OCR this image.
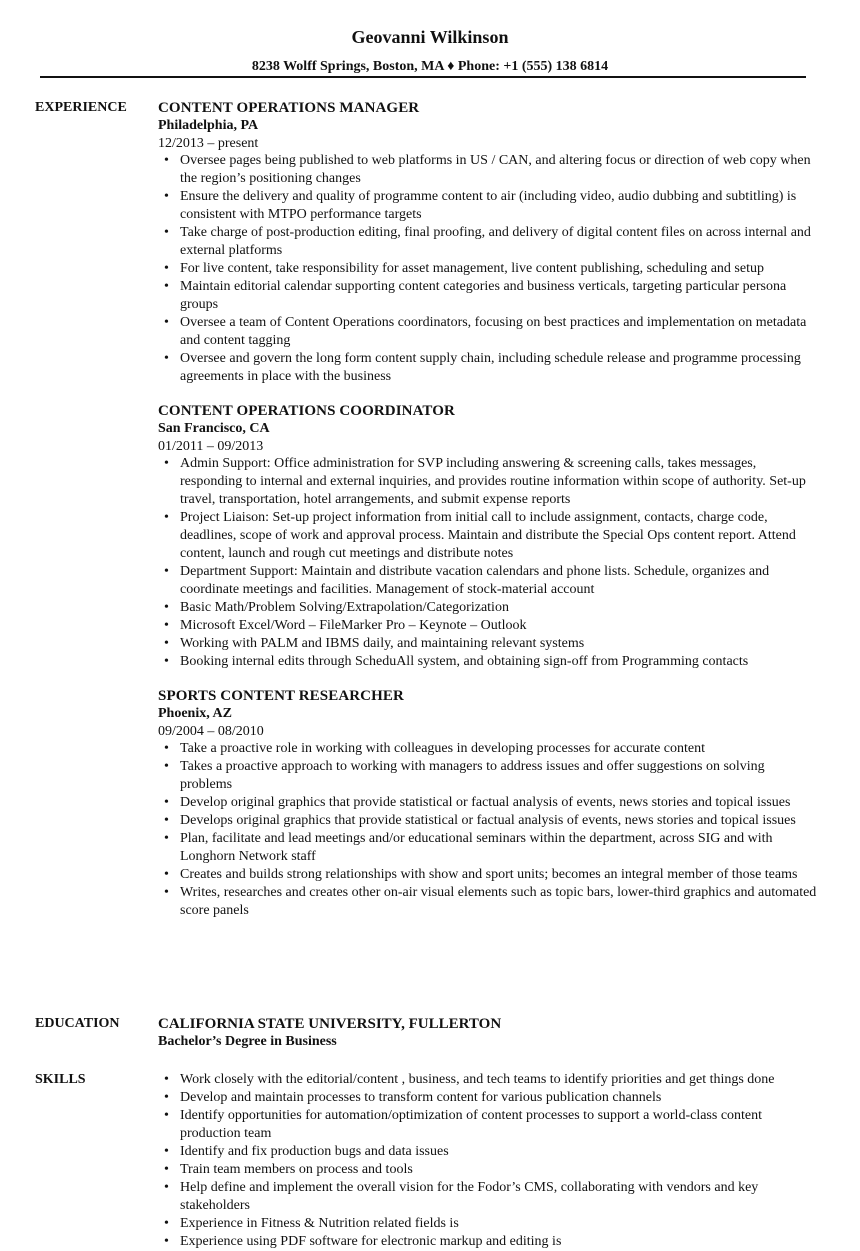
Geovanni Wilkinson
8238 Wolff Springs, Boston, MA ♦ Phone: +1 (555) 138 6814
EXPERIENCE CONTENT OPERATIONS MANAGER
Philadelphia, PA
12/2013 – present
• Oversee pages being published to web platforms in US / CAN, and altering focus or direction of web copy when the region’s positioning changes
• Ensure the delivery and quality of programme content to air (including video, audio dubbing and subtitling) is consistent with MTPO performance targets
• Take charge of post-production editing, final proofing, and delivery of digital content files on across internal and external platforms
• For live content, take responsibility for asset management, live content publishing, scheduling and setup
• Maintain editorial calendar supporting content categories and business verticals, targeting particular persona groups
• Oversee a team of Content Operations coordinators, focusing on best practices and implementation on metadata and content tagging
• Oversee and govern the long form content supply chain, including schedule release and programme processing agreements in place with the business
CONTENT OPERATIONS COORDINATOR
San Francisco, CA
01/2011 – 09/2013
• Admin Support: Office administration for SVP including answering & screening calls, takes messages, responding to internal and external inquiries, and provides routine information within scope of authority. Set-up travel, transportation, hotel arrangements, and submit expense reports
• Project Liaison: Set-up project information from initial call to include assignment, contacts, charge code, deadlines, scope of work and approval process. Maintain and distribute the Special Ops content report. Attend content, launch and rough cut meetings and distribute notes
• Department Support: Maintain and distribute vacation calendars and phone lists. Schedule, organizes and coordinate meetings and facilities. Management of stock-material account
• Basic Math/Problem Solving/Extrapolation/Categorization
• Microsoft Excel/Word – FileMarker Pro – Keynote – Outlook
• Working with PALM and IBMS daily, and maintaining relevant systems
• Booking internal edits through ScheduAll system, and obtaining sign-off from Programming contacts
SPORTS CONTENT RESEARCHER
Phoenix, AZ
09/2004 – 08/2010
• Take a proactive role in working with colleagues in developing processes for accurate content
• Takes a proactive approach to working with managers to address issues and offer suggestions on solving problems
• Develop original graphics that provide statistical or factual analysis of events, news stories and topical issues
• Develops original graphics that provide statistical or factual analysis of events, news stories and topical issues
• Plan, facilitate and lead meetings and/or educational seminars within the department, across SIG and with Longhorn Network staff
• Creates and builds strong relationships with show and sport units; becomes an integral member of those teams
• Writes, researches and creates other on-air visual elements such as topic bars, lower-third graphics and automated score panels
EDUCATION	CALIFORNIA STATE UNIVERSITY, FULLERTON
Bachelor’s Degree in Business
SKILLS
•	Work closely with the editorial/content , business, and tech teams to identify priorities and get things done
• Develop and maintain processes to transform content for various publication channels
• Identify opportunities for automation/optimization of content processes to support a world-class content production team
• Identify and fix production bugs and data issues
• Train team members on process and tools
• Help define and implement the overall vision for the Fodor’s CMS, collaborating with vendors and key stakeholders
• Experience in Fitness & Nutrition related fields is
• Experience using PDF software for electronic markup and editing is
